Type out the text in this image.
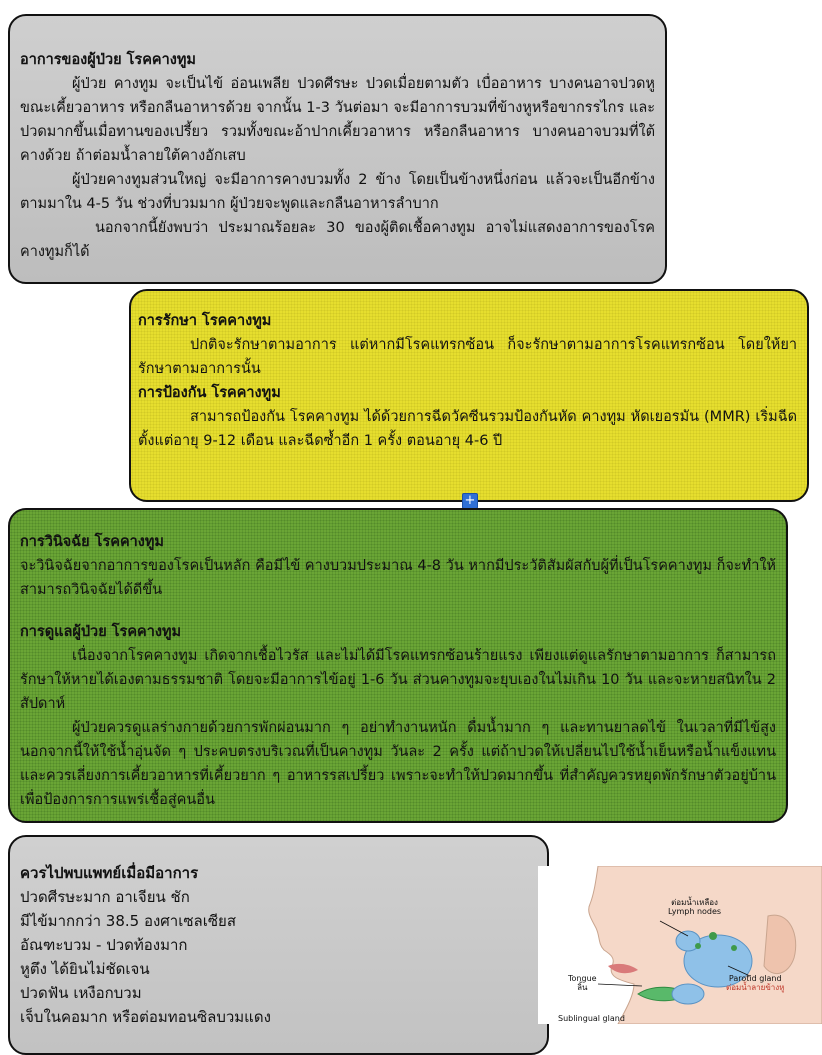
อาการของผู้ป่วย โรคคางทูม

ผู้ป่วย คางทูม จะเป็นไข้ อ่อนเพลีย ปวดศีรษะ ปวดเมื่อยตามตัว เบื่ออาหาร บางคนอาจปวดหูขณะเคี้ยวอาหาร หรือกลืนอาหารด้วย จากนั้น 1-3 วันต่อมา จะมีอาการบวมที่ข้างหูหรือขากรรไกร และปวดมากขึ้นเมื่อทานของเปรี้ยว รวมทั้งขณะอ้าปากเคี้ยวอาหาร หรือกลืนอาหาร บางคนอาจบวมที่ใต้คางด้วย ถ้าต่อมน้ำลายใต้คางอักเสบ

ผู้ป่วยคางทูมส่วนใหญ่ จะมีอาการคางบวมทั้ง 2 ข้าง โดยเป็นข้างหนึ่งก่อน แล้วจะเป็นอีกข้างตามมาใน 4-5 วัน ช่วงที่บวมมาก ผู้ป่วยจะพูดและกลืนอาหารลำบาก

นอกจากนี้ยังพบว่า ประมาณร้อยละ 30 ของผู้ติดเชื้อคางทูม อาจไม่แสดงอาการของโรคคางทูมก็ได้

การรักษา โรคคางทูม

ปกติจะรักษาตามอาการ แต่หากมีโรคแทรกซ้อน ก็จะรักษาตามอาการโรคแทรกซ้อน โดยให้ยารักษาตามอาการนั้น

การป้องกัน โรคคางทูม

สามารถป้องกัน โรคคางทูม ได้ด้วยการฉีดวัคซีนรวมป้องกันหัด คางทูม หัดเยอรมัน (MMR) เริ่มฉีดตั้งแต่อายุ 9-12 เดือน และฉีดซ้ำอีก 1 ครั้ง ตอนอายุ 4-6 ปี

+

การวินิจฉัย โรคคางทูม

จะวินิจฉัยจากอาการของโรคเป็นหลัก คือมีไข้ คางบวมประมาณ 4-8 วัน หากมีประวัติสัมผัสกับผู้ที่เป็นโรคคางทูม ก็จะทำให้สามารถวินิจฉัยได้ดีขึ้น

การดูแลผู้ป่วย โรคคางทูม

เนื่องจากโรคคางทูม เกิดจากเชื้อไวรัส และไม่ได้มีโรคแทรกซ้อนร้ายแรง เพียงแต่ดูแลรักษาตามอาการ ก็สามารถรักษาให้หายได้เองตามธรรมชาติ โดยจะมีอาการไข้อยู่ 1-6 วัน ส่วนคางทูมจะยุบเองในไม่เกิน 10 วัน และจะหายสนิทใน 2 สัปดาห์

ผู้ป่วยควรดูแลร่างกายด้วยการพักผ่อนมาก ๆ อย่าทำงานหนัก ดื่มน้ำมาก ๆ และทานยาลดไข้ ในเวลาที่มีไข้สูง นอกจากนี้ให้ใช้น้ำอุ่นจัด ๆ ประคบตรงบริเวณที่เป็นคางทูม วันละ 2 ครั้ง แต่ถ้าปวดให้เปลี่ยนไปใช้น้ำเย็นหรือน้ำแข็งแทน และควรเลี่ยงการเคี้ยวอาหารที่เคี้ยวยาก ๆ อาหารรสเปรี้ยว เพราะจะทำให้ปวดมากขึ้น ที่สำคัญควรหยุดพักรักษาตัวอยู่บ้าน เพื่อป้องการการแพร่เชื้อสู่คนอื่น

ควรไปพบแพทย์เมื่อมีอาการ

ปวดศีรษะมาก อาเจียน ชัก

มีไข้มากกว่า 38.5 องศาเซลเซียส

อัณฑะบวม - ปวดท้องมาก

หูตึง ได้ยินไม่ชัดเจน

ปวดฟัน เหงือกบวม

เจ็บในคอมาก หรือต่อมทอนซิลบวมแดง

ต่อมน้ำเหลือง
Lymph nodes
Parotid gland
ต่อมน้ำลายข้างหู
Tongue
ลิ้น
Sublingual gland
